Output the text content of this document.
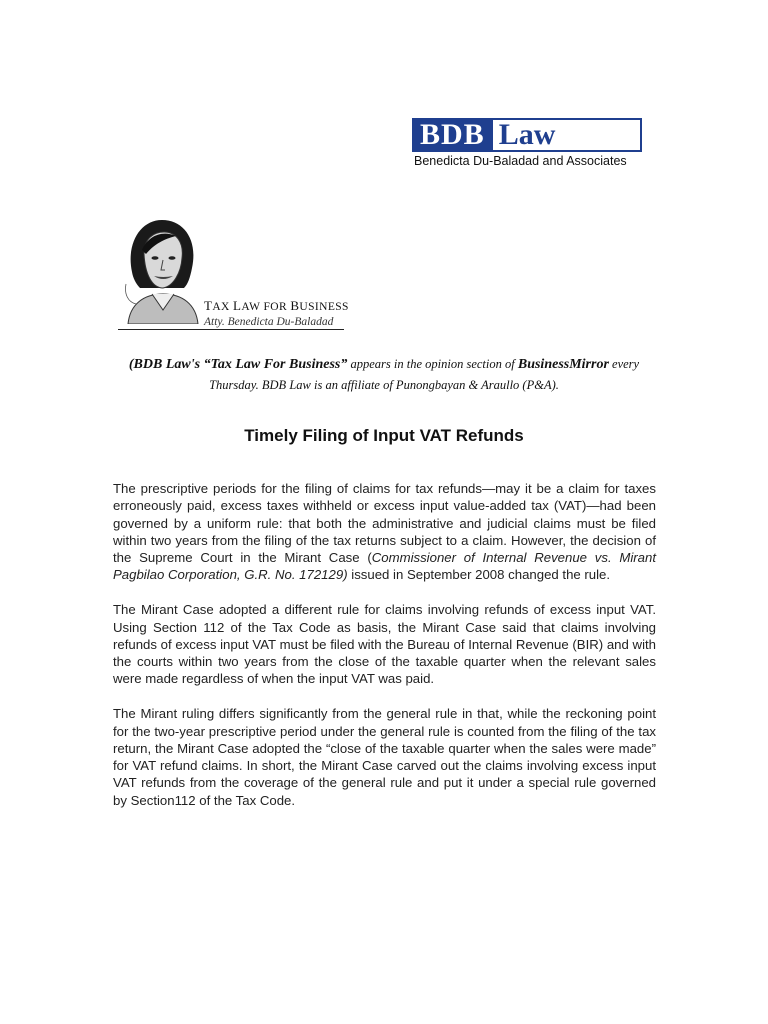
BDB Law
Benedicta Du-Baladad and Associates
TAX LAW FOR BUSINESS
Atty. Benedicta Du-Baladad
(BDB Law's “Tax Law For Business” appears in the opinion section of BusinessMirror every Thursday. BDB Law is an affiliate of Punongbayan & Araullo (P&A).
Timely Filing of Input VAT Refunds

The prescriptive periods for the filing of claims for tax refunds—may it be a claim for taxes erroneously paid, excess taxes withheld or excess input value-added tax (VAT)—had been governed by a uniform rule: that both the administrative and judicial claims must be filed within two years from the filing of the tax returns subject to a claim. However, the decision of the Supreme Court in the Mirant Case (Commissioner of Internal Revenue vs. Mirant Pagbilao Corporation, G.R. No. 172129) issued in September 2008 changed the rule.

The Mirant Case adopted a different rule for claims involving refunds of excess input VAT. Using Section 112 of the Tax Code as basis, the Mirant Case said that claims involving refunds of excess input VAT must be filed with the Bureau of Internal Revenue (BIR) and with the courts within two years from the close of the taxable quarter when the relevant sales were made regardless of when the input VAT was paid.

The Mirant ruling differs significantly from the general rule in that, while the reckoning point for the two-year prescriptive period under the general rule is counted from the filing of the tax return, the Mirant Case adopted the “close of the taxable quarter when the sales were made” for VAT refund claims. In short, the Mirant Case carved out the claims involving excess input VAT refunds from the coverage of the general rule and put it under a special rule governed by Section112 of the Tax Code.
